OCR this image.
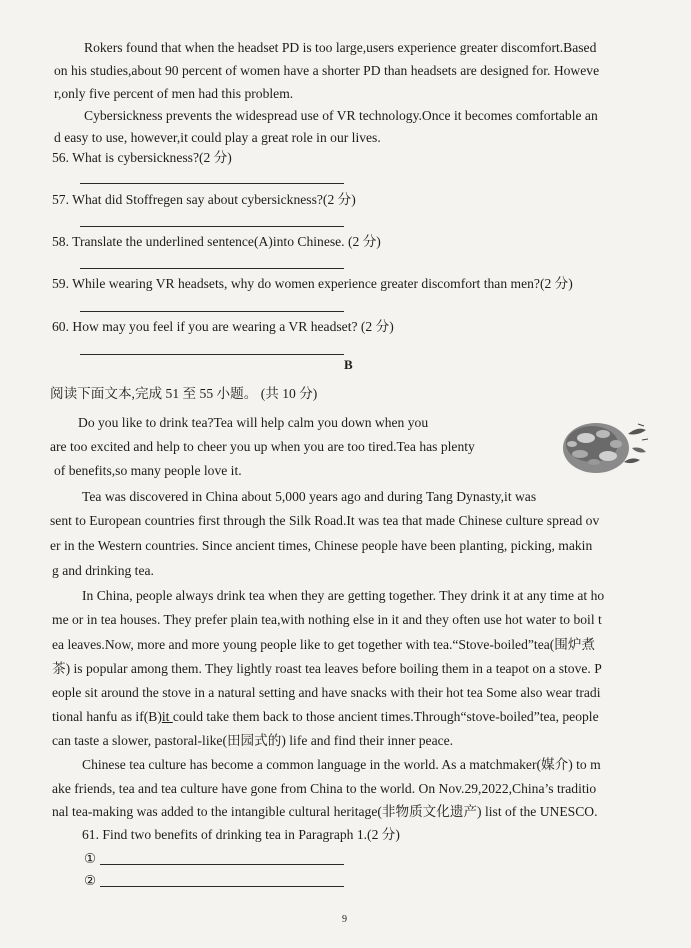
Rokers found that when the headset PD is too large,users experience greater discomfort.Based
on his studies,about 90 percent of women have a shorter PD than headsets are designed for. Howeve
r,only five percent of men had this problem.
Cybersickness prevents the widespread use of VR technology.Once it becomes comfortable an
d easy to use, however,it could play a great role in our lives.
56. What is cybersickness?(2 分)
57. What did Stoffregen say about cybersickness?(2 分)
58. Translate the underlined sentence(A)into Chinese. (2 分)
59. While wearing VR headsets, why do women experience greater discomfort than men?(2 分)
60. How may you feel if you are wearing a VR headset? (2 分)
B
阅读下面文本,完成 51 至 55 小题。 (共 10 分)
Do you like to drink tea?Tea will help calm you down when you
are too excited and help to cheer you up when you are too tired.Tea has plenty
of benefits,so many people love it.
Tea was discovered in China about 5,000 years ago and during Tang Dynasty,it was
sent to European countries first through the Silk Road.It was tea that made Chinese culture spread ov
er in the Western countries. Since ancient times, Chinese people have been planting, picking, makin
g and drinking tea.
In China, people always drink tea when they are getting together. They drink it at any time at ho
me or in tea houses. They prefer plain tea,with nothing else in it and they often use hot water to boil t
ea leaves.Now, more and more young people like to get together with tea.“Stove-boiled”tea(围炉煮
茶) is popular among them. They lightly roast tea leaves before boiling them in a teapot on a stove. P
eople sit around the stove in a natural setting and have snacks with their hot tea Some also wear tradi
tional hanfu as if(B)it could take them back to those ancient times.Through“stove-boiled”tea, people
can taste a slower, pastoral-like(田园式的) life and find their inner peace.
Chinese tea culture has become a common language in the world. As a matchmaker(媒介) to m
ake friends, tea and tea culture have gone from China to the world. On Nov.29,2022,China’s traditio
nal tea-making was added to the intangible cultural heritage(非物质文化遗产) list of the UNESCO.
61. Find two benefits of drinking tea in Paragraph 1.(2 分)
①
②
9
